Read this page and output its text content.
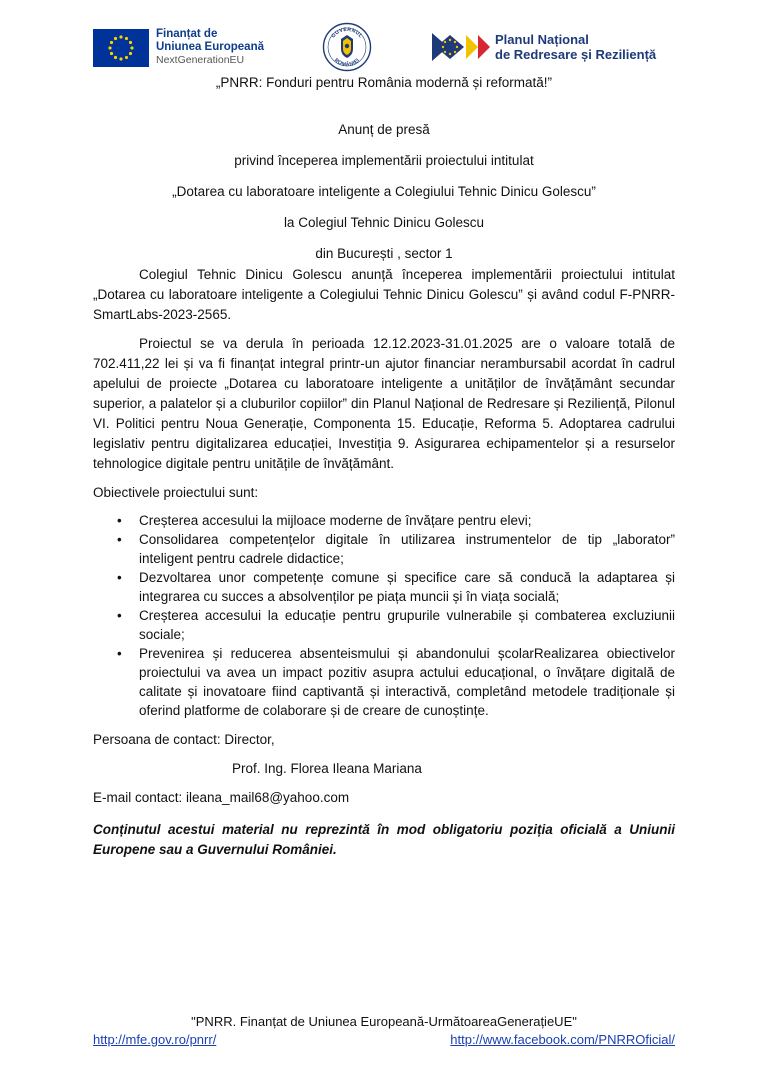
Finanțat de
Uniunea Europeană
NextGenerationEU
GUVERNUL
ROMÂNIEI
Planul Național
de Redresare și Reziliență
„PNRR: Fonduri pentru România modernă și reformată!”

Anunț de presă

privind începerea implementării proiectului intitulat

„Dotarea cu laboratoare inteligente a Colegiului Tehnic Dinicu Golescu”

la Colegiul Tehnic Dinicu Golescu

din București , sector 1

Colegiul Tehnic Dinicu Golescu anunță începerea implementării proiectului intitulat „Dotarea cu laboratoare inteligente a Colegiului Tehnic Dinicu Golescu” și având codul F-PNRR-SmartLabs-2023-2565.

Proiectul se va derula în perioada 12.12.2023-31.01.2025 are o valoare totală de 702.411,22 lei și va fi finanțat integral printr-un ajutor financiar nerambursabil acordat în cadrul apelului de proiecte „Dotarea cu laboratoare inteligente a unităților de învățământ secundar superior, a palatelor și a cluburilor copiilor” din Planul Național de Redresare și Reziliență, Pilonul VI. Politici pentru Noua Generație, Componenta 15. Educație, Reforma 5. Adoptarea cadrului legislativ pentru digitalizarea educației, Investiția 9. Asigurarea echipamentelor și a resurselor tehnologice digitale pentru unitățile de învățământ.

Obiectivele proiectului sunt:

• Creșterea accesului la mijloace moderne de învățare pentru elevi;
• Consolidarea competențelor digitale în utilizarea instrumentelor de tip „laborator” inteligent pentru cadrele didactice;
• Dezvoltarea unor competențe comune și specifice care să conducă la adaptarea și integrarea cu succes a absolvenților pe piața muncii și în viața socială;
• Creșterea accesului la educație pentru grupurile vulnerabile și combaterea excluziunii sociale;
• Prevenirea și reducerea absenteismului și abandonului școlarRealizarea obiectivelor proiectului va avea un impact pozitiv asupra actului educațional, o învățare digitală de calitate și inovatoare fiind captivantă și interactivă, completând metodele tradiționale și oferind platforme de colaborare și de creare de cunoștințe.

Persoana de contact: Director,

Prof. Ing. Florea Ileana Mariana

E-mail contact: ileana_mail68@yahoo.com

Conținutul acestui material nu reprezintă în mod obligatoriu poziția oficială a Uniunii Europene sau a Guvernului României.

"PNRR. Finanțat de Uniunea Europeană-UrmătoareaGenerațieUE"
http://mfe.gov.ro/pnrr/	http://www.facebook.com/PNRROficial/
